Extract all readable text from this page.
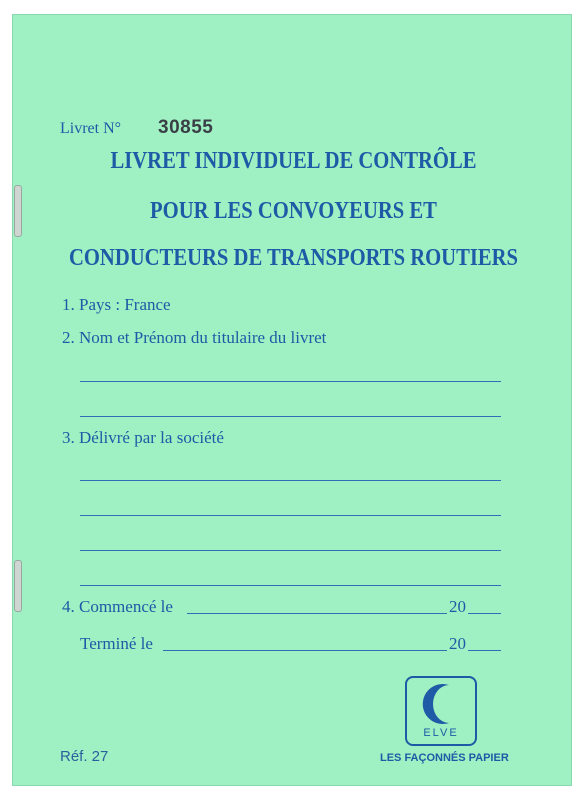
Livret N° 30855
LIVRET INDIVIDUEL DE CONTRÔLE
POUR LES CONVOYEURS ET
CONDUCTEURS DE TRANSPORTS ROUTIERS
1. Pays : France
2. Nom et Prénom du titulaire du livret
3. Délivré par la société
4. Commencé le	20
Terminé le	20
Réf. 27
ELVE
LES FAÇONNÉS PAPIER
